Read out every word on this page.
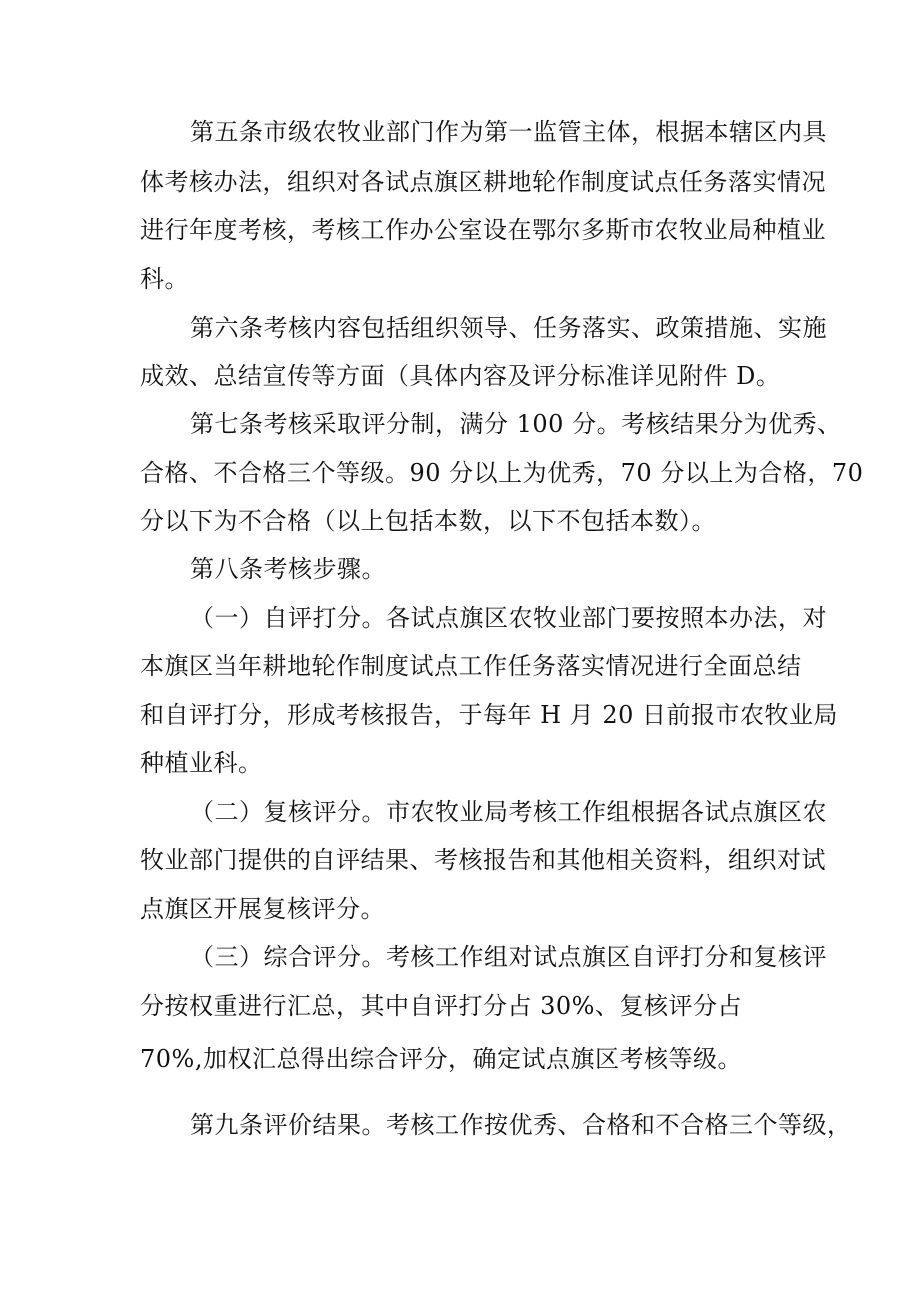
第五条市级农牧业部门作为第一监管主体，根据本辖区内具
体考核办法，组织对各试点旗区耕地轮作制度试点任务落实情况
进行年度考核，考核工作办公室设在鄂尔多斯市农牧业局种植业
科。
第六条考核内容包括组织领导、任务落实、政策措施、实施
成效、总结宣传等方面（具体内容及评分标准详见附件 D。
第七条考核采取评分制，满分 100 分。考核结果分为优秀、
合格、不合格三个等级。90 分以上为优秀，70 分以上为合格，70
分以下为不合格（以上包括本数，以下不包括本数）。
第八条考核步骤。
（一）自评打分。各试点旗区农牧业部门要按照本办法，对
本旗区当年耕地轮作制度试点工作任务落实情况进行全面总结
和自评打分，形成考核报告，于每年 H 月 20 日前报市农牧业局
种植业科。
（二）复核评分。市农牧业局考核工作组根据各试点旗区农
牧业部门提供的自评结果、考核报告和其他相关资料，组织对试
点旗区开展复核评分。
（三）综合评分。考核工作组对试点旗区自评打分和复核评
分按权重进行汇总，其中自评打分占 30%、复核评分占
70%,加权汇总得出综合评分，确定试点旗区考核等级。
第九条评价结果。考核工作按优秀、合格和不合格三个等级，
